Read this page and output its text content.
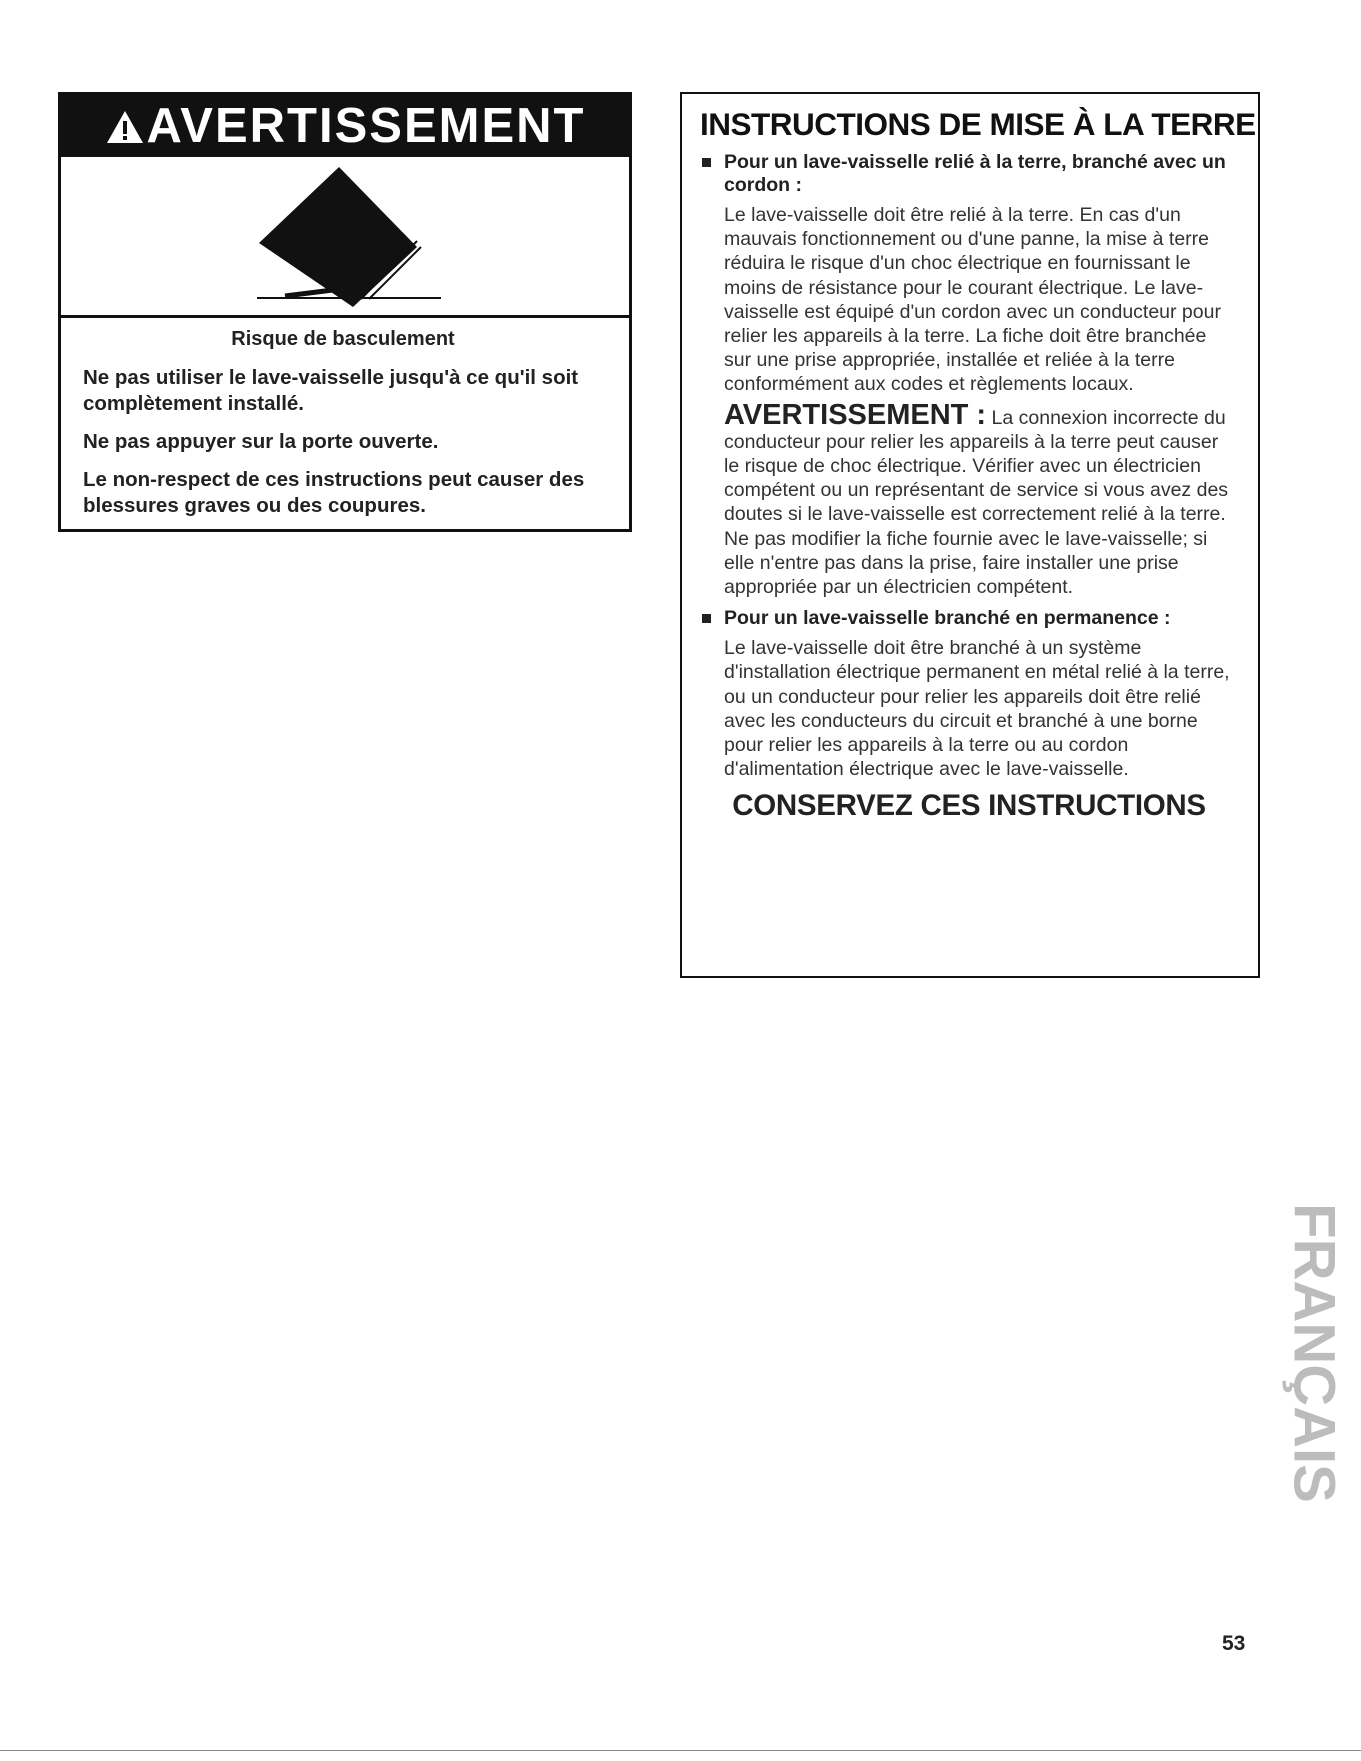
AVERTISSEMENT

Risque de basculement

Ne pas utiliser le lave-vaisselle jusqu'à ce qu'il soit complètement installé.

Ne pas appuyer sur la porte ouverte.

Le non-respect de ces instructions peut causer des blessures graves ou des coupures.

INSTRUCTIONS DE MISE À LA TERRE

Pour un lave-vaisselle relié à la terre, branché avec un cordon :

Le lave-vaisselle doit être relié à la terre. En cas d'un mauvais fonctionnement ou d'une panne, la mise à terre réduira le risque d'un choc électrique en fournissant le moins de résistance pour le courant électrique. Le lave-vaisselle est équipé d'un cordon avec un conducteur pour relier les appareils à la terre. La fiche doit être branchée sur une prise appropriée, installée et reliée à la terre conformément aux codes et règlements locaux.

AVERTISSEMENT : La connexion incorrecte du conducteur pour relier les appareils à la terre peut causer le risque de choc électrique. Vérifier avec un électricien compétent ou un représentant de service si vous avez des doutes si le lave-vaisselle est correctement relié à la terre. Ne pas modifier la fiche fournie avec le lave-vaisselle; si elle n'entre pas dans la prise, faire installer une prise appropriée par un électricien compétent.

Pour un lave-vaisselle branché en permanence :

Le lave-vaisselle doit être branché à un système d'installation électrique permanent en métal relié à la terre, ou un conducteur pour relier les appareils doit être relié avec les conducteurs du circuit et branché à une borne pour relier les appareils à la terre ou au cordon d'alimentation électrique avec le lave-vaisselle.

CONSERVEZ CES INSTRUCTIONS
FRANÇAIS
53
